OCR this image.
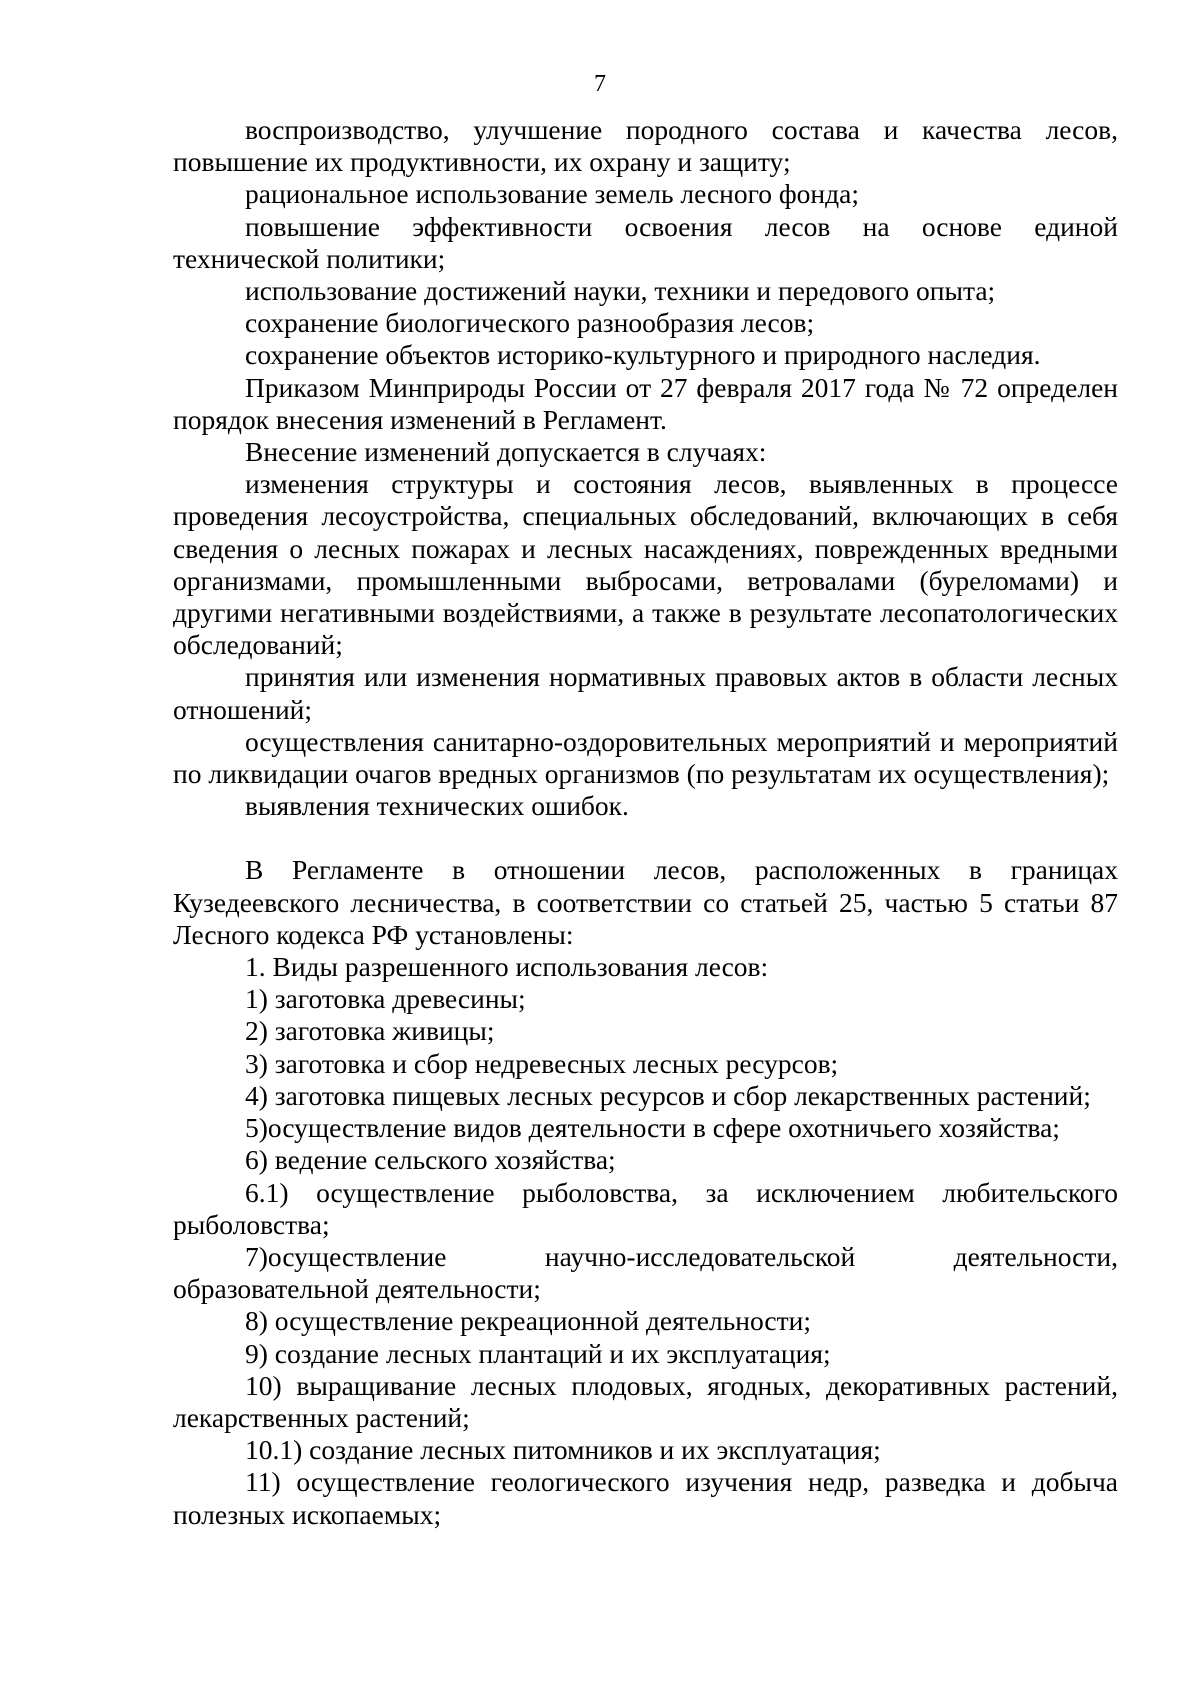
7

воспроизводство, улучшение породного состава и качества лесов, повышение их продуктивности, их охрану и защиту;

рациональное использование земель лесного фонда;

повышение эффективности освоения лесов на основе единой технической политики;

использование достижений науки, техники и передового опыта;

сохранение биологического разнообразия лесов;

сохранение объектов историко-культурного и природного наследия.

Приказом Минприроды России от 27 февраля 2017 года № 72 определен порядок внесения изменений в Регламент.

Внесение изменений допускается в случаях:

изменения структуры и состояния лесов, выявленных в процессе проведения лесоустройства, специальных обследований, включающих в себя сведения о лесных пожарах и лесных насаждениях, поврежденных вредными организмами, промышленными выбросами, ветровалами (буреломами) и другими негативными воздействиями, а также в результате лесопатологических обследований;

принятия или изменения нормативных правовых актов в области лесных отношений;

осуществления санитарно-оздоровительных мероприятий и мероприятий по ликвидации очагов вредных организмов (по результатам их осуществления);

выявления технических ошибок.

В Регламенте в отношении лесов, расположенных в границах Кузедеевского лесничества, в соответствии со статьей 25, частью 5 статьи 87 Лесного кодекса РФ установлены:

1. Виды разрешенного использования лесов:

1) заготовка древесины;

2) заготовка живицы;

3) заготовка и сбор недревесных лесных ресурсов;

4) заготовка пищевых лесных ресурсов и сбор лекарственных растений;

5)осуществление видов деятельности в сфере охотничьего хозяйства;

6) ведение сельского хозяйства;

6.1) осуществление рыболовства, за исключением любительского рыболовства;

7)осуществление научно-исследовательской деятельности, образовательной деятельности;

8) осуществление рекреационной деятельности;

9) создание лесных плантаций и их эксплуатация;

10) выращивание лесных плодовых, ягодных, декоративных растений, лекарственных растений;

10.1) создание лесных питомников и их эксплуатация;

11) осуществление геологического изучения недр, разведка и добыча полезных ископаемых;
